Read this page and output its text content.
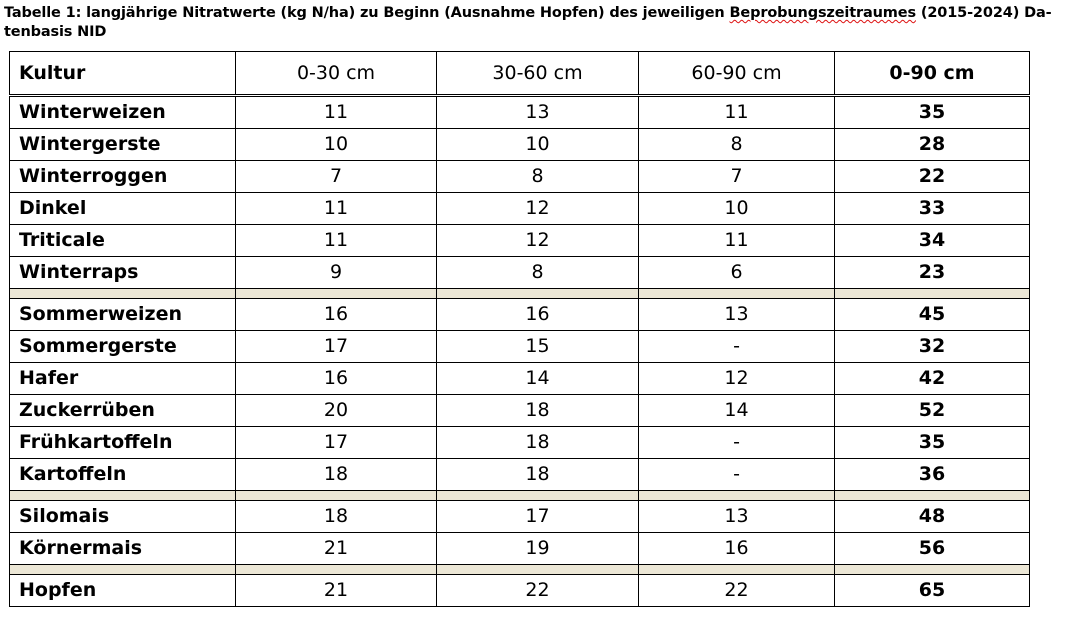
Tabelle 1: langjährige Nitratwerte (kg N/ha) zu Beginn (Ausnahme Hopfen) des jeweiligen Beprobungszeitraumes (2015-2024) Da-tenbasis NID
Kultur	0-30 cm	30-60 cm	60-90 cm	0-90 cm
Winterweizen	11	13	11	35
Wintergerste	10	10	8	28
Winterroggen	7	8	7	22
Dinkel	11	12	10	33
Triticale	11	12	11	34
Winterraps	9	8	6	23

Sommerweizen	16	16	13	45
Sommergerste	17	15	-	32
Hafer	16	14	12	42
Zuckerrüben	20	18	14	52
Frühkartoffeln	17	18	-	35
Kartoffeln	18	18	-	36

Silomais	18	17	13	48
Körnermais	21	19	16	56

Hopfen	21	22	22	65
